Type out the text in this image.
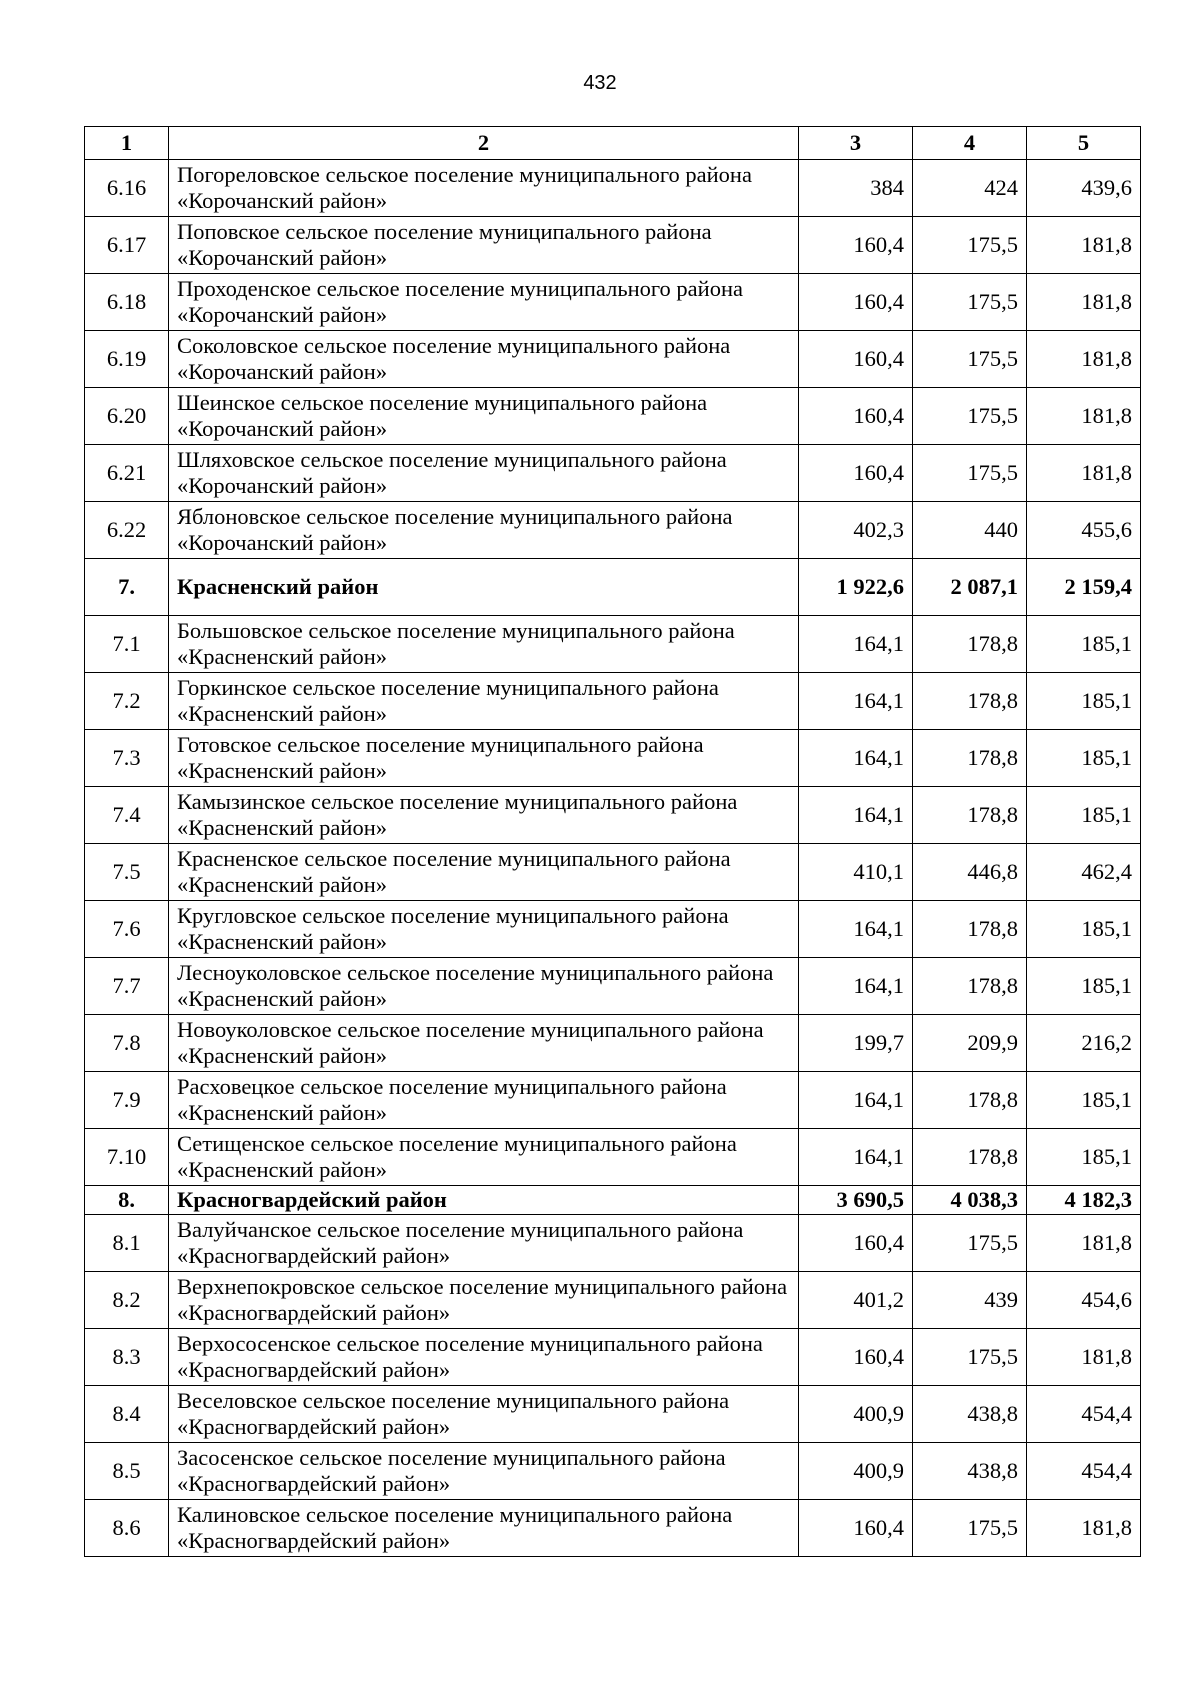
432
1	2	3	4	5
6.16	Погореловское сельское поселение муниципального района «Корочанский район»	384	424	439,6
6.17	Поповское сельское поселение муниципального района «Корочанский район»	160,4	175,5	181,8
6.18	Проходенское сельское поселение муниципального района «Корочанский район»	160,4	175,5	181,8
6.19	Соколовское сельское поселение муниципального района «Корочанский район»	160,4	175,5	181,8
6.20	Шеинское сельское поселение муниципального района «Корочанский район»	160,4	175,5	181,8
6.21	Шляховское сельское поселение муниципального района «Корочанский район»	160,4	175,5	181,8
6.22	Яблоновское сельское поселение муниципального района «Корочанский район»	402,3	440	455,6
7.	Красненский район	1 922,6	2 087,1	2 159,4
7.1	Большовское сельское поселение муниципального района «Красненский район»	164,1	178,8	185,1
7.2	Горкинское сельское поселение муниципального района «Красненский район»	164,1	178,8	185,1
7.3	Готовское сельское поселение муниципального района «Красненский район»	164,1	178,8	185,1
7.4	Камызинское сельское поселение муниципального района «Красненский район»	164,1	178,8	185,1
7.5	Красненское сельское поселение муниципального района «Красненский район»	410,1	446,8	462,4
7.6	Кругловское сельское поселение муниципального района «Красненский район»	164,1	178,8	185,1
7.7	Лесноуколовское сельское поселение муниципального района «Красненский район»	164,1	178,8	185,1
7.8	Новоуколовское сельское поселение муниципального района «Красненский район»	199,7	209,9	216,2
7.9	Расховецкое сельское поселение муниципального района «Красненский район»	164,1	178,8	185,1
7.10	Сетищенское сельское поселение муниципального района «Красненский район»	164,1	178,8	185,1
8.	Красногвардейский район	3 690,5	4 038,3	4 182,3
8.1	Валуйчанское сельское поселение муниципального района «Красногвардейский район»	160,4	175,5	181,8
8.2	Верхнепокровское сельское поселение муниципального района «Красногвардейский район»	401,2	439	454,6
8.3	Верхососенское сельское поселение муниципального района «Красногвардейский район»	160,4	175,5	181,8
8.4	Веселовское сельское поселение муниципального района «Красногвардейский район»	400,9	438,8	454,4
8.5	Засосенское сельское поселение муниципального района «Красногвардейский район»	400,9	438,8	454,4
8.6	Калиновское сельское поселение муниципального района «Красногвардейский район»	160,4	175,5	181,8
